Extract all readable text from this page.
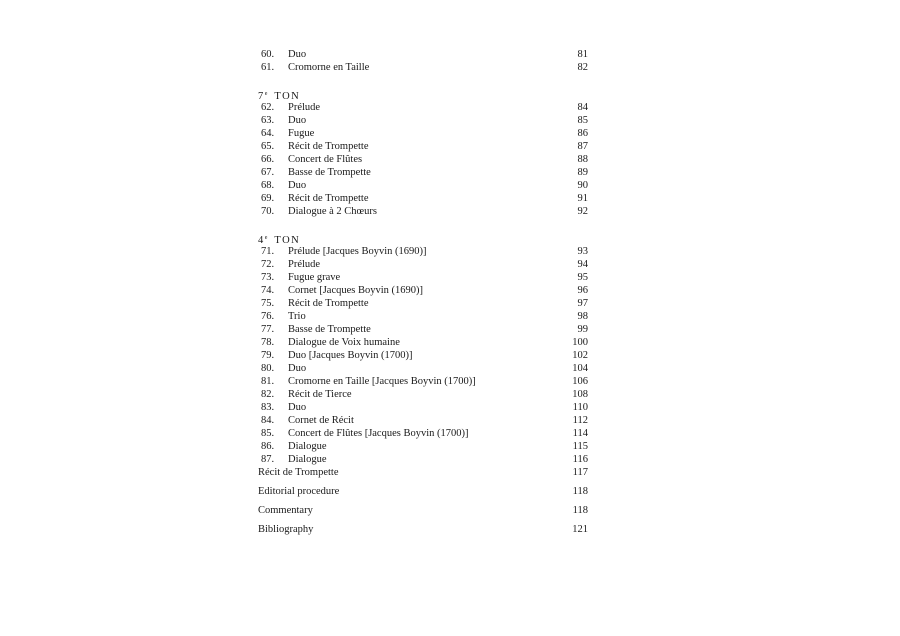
60. Duo	81
61. Cromorne en Taille	82
7e TON
62. Prélude	84
63. Duo	85
64. Fugue	86
65. Récit de Trompette	87
66. Concert de Flûtes	88
67. Basse de Trompette	89
68. Duo	90
69. Récit de Trompette	91
70. Dialogue à 2 Chœurs	92
4e TON
71. Prélude [Jacques Boyvin (1690)]	93
72. Prélude	94
73. Fugue grave	95
74. Cornet [Jacques Boyvin (1690)]	96
75. Récit de Trompette	97
76. Trio	98
77. Basse de Trompette	99
78. Dialogue de Voix humaine	100
79. Duo [Jacques Boyvin (1700)]	102
80. Duo	104
81. Cromorne en Taille [Jacques Boyvin (1700)]	106
82. Récit de Tierce	108
83. Duo	110
84. Cornet de Récit	112
85. Concert de Flûtes [Jacques Boyvin (1700)]	114
86. Dialogue	115
87. Dialogue	116
Récit de Trompette	117
Editorial procedure	118
Commentary	118
Bibliography	121
